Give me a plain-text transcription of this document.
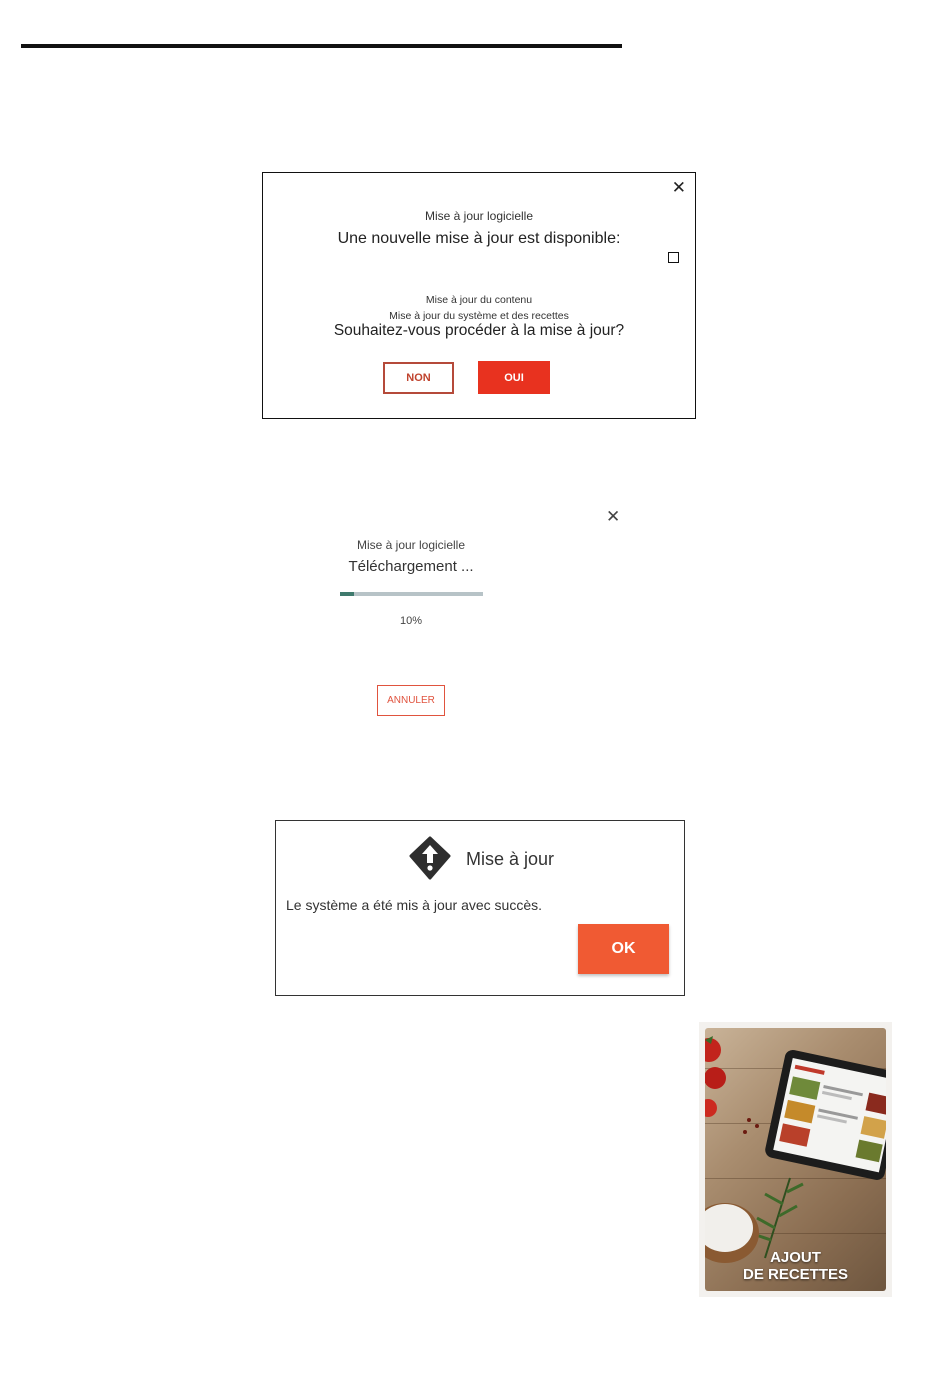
✕
Mise à jour logicielle
Une nouvelle mise à jour est disponible:
Mise à jour du contenu
Mise à jour du système et des recettes
Souhaitez-vous procéder à la mise à jour?
NON	OUI
✕
Mise à jour logicielle
Téléchargement ...
10%
ANNULER
Mise à jour
Le système a été mis à jour avec succès.
OK
AJOUT
DE RECETTES
